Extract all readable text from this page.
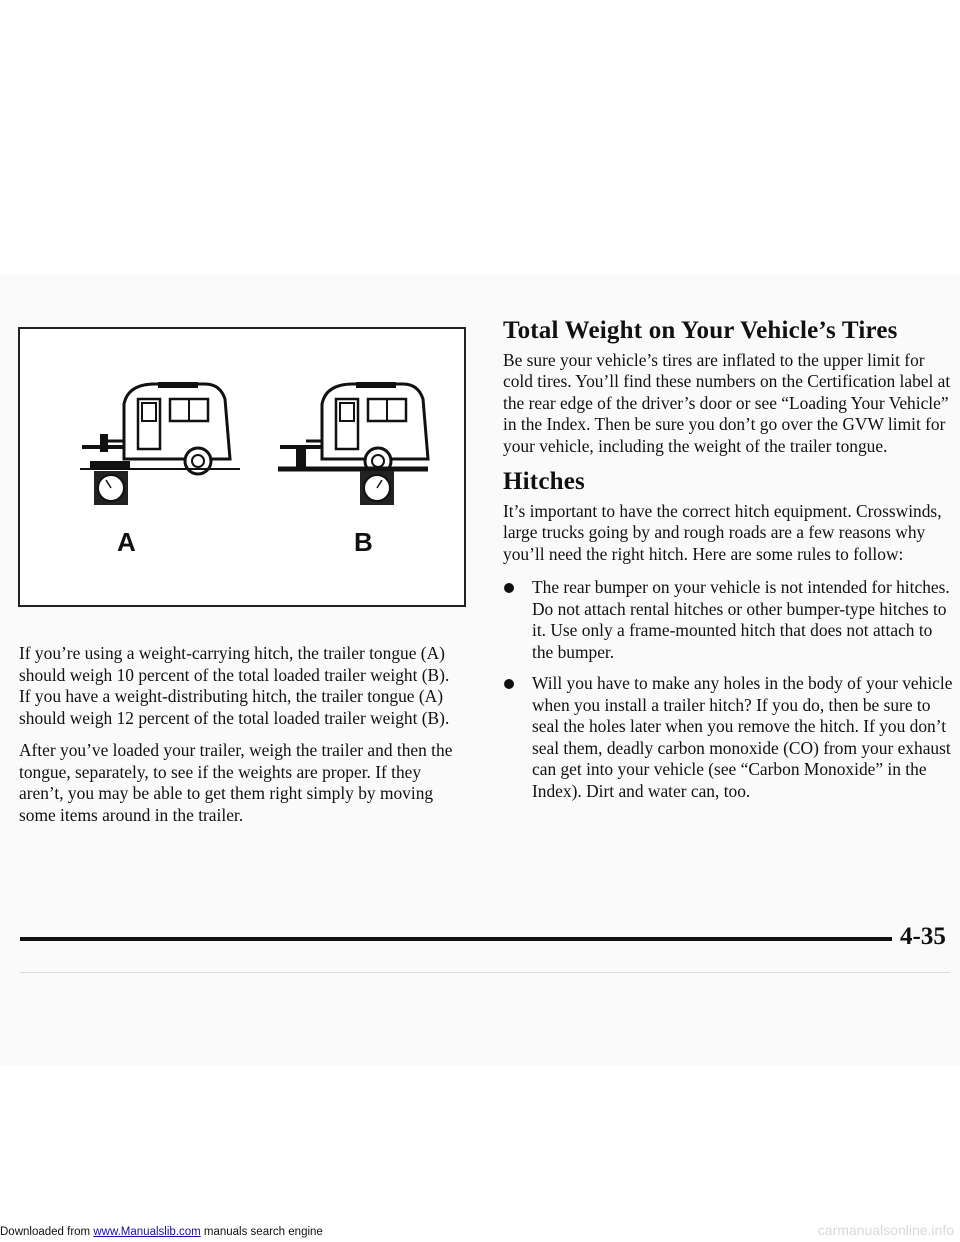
A	B

If you’re using a weight-carrying hitch, the trailer tongue (A) should weigh 10 percent of the total loaded trailer weight (B). If you have a weight-distributing hitch, the trailer tongue (A) should weigh 12 percent of the total loaded trailer weight (B).

After you’ve loaded your trailer, weigh the trailer and then the tongue, separately, to see if the weights are proper. If they aren’t, you may be able to get them right simply by moving some items around in the trailer.

Total Weight on Your Vehicle’s Tires

Be sure your vehicle’s tires are inflated to the upper limit for cold tires. You’ll find these numbers on the Certification label at the rear edge of the driver’s door or see “Loading Your Vehicle” in the Index. Then be sure you don’t go over the GVW limit for your vehicle, including the weight of the trailer tongue.

Hitches

It’s important to have the correct hitch equipment. Crosswinds, large trucks going by and rough roads are a few reasons why you’ll need the right hitch. Here are some rules to follow:

The rear bumper on your vehicle is not intended for hitches. Do not attach rental hitches or other bumper-type hitches to it. Use only a frame-mounted hitch that does not attach to the bumper.
Will you have to make any holes in the body of your vehicle when you install a trailer hitch? If you do, then be sure to seal the holes later when you remove the hitch. If you don’t seal them, deadly carbon monoxide (CO) from your exhaust can get into your vehicle (see “Carbon Monoxide” in the Index). Dirt and water can, too.
4-35
Downloaded from www.Manualslib.com manuals search engine	carmanualsonline.info
